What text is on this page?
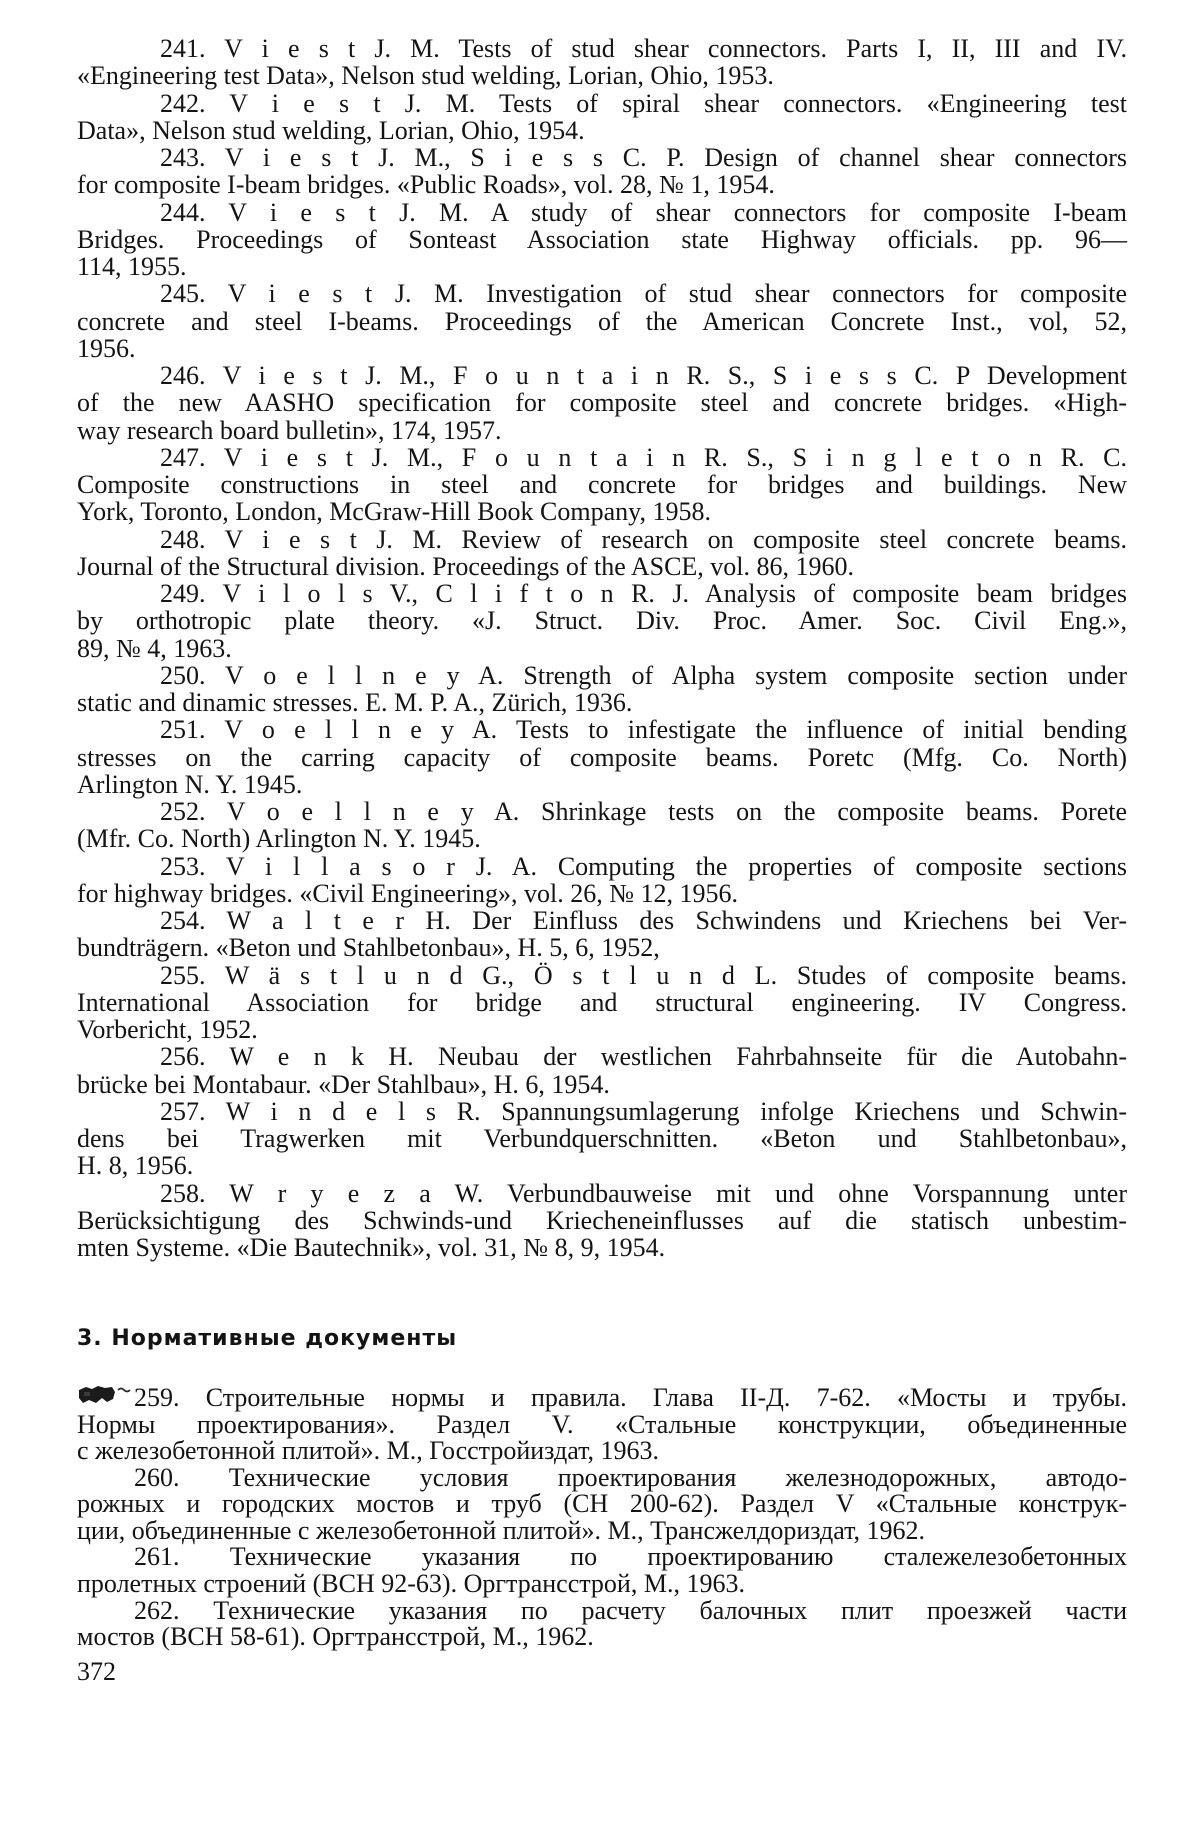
241. V i e s t J. M. Tests of stud shear connectors. Parts I, II, III and IV.
«Engineering test Data», Nelson stud welding, Lorian, Ohio, 1953.
242. V i e s t J. M. Tests of spiral shear connectors. «Engineering test
Data», Nelson stud welding, Lorian, Ohio, 1954.
243. V i e s t J. M., S i e s s C. P. Design of channel shear connectors
for composite I-beam bridges. «Public Roads», vol. 28, № 1, 1954.
244. V i e s t J. M. A study of shear connectors for composite I-beam
Bridges. Proceedings of Sonteast Association state Highway officials. pp. 96—
114, 1955.
245. V i e s t J. M. Investigation of stud shear connectors for composite
concrete and steel I-beams. Proceedings of the American Concrete Inst., vol, 52,
1956.
246. V i e s t J. M., F o u n t a i n R. S., S i e s s C. P Development
of the new AASHO specification for composite steel and concrete bridges. «High-
way research board bulletin», 174, 1957.
247. V i e s t J. M., F o u n t a i n R. S., S i n g l e t o n R. C.
Composite constructions in steel and concrete for bridges and buildings. New
York, Toronto, London, McGraw-Hill Book Company, 1958.
248. V i e s t J. M. Review of research on composite steel concrete beams.
Journal of the Structural division. Proceedings of the ASCE, vol. 86, 1960.
249. V i l o l s V., C l i f t o n R. J. Analysis of composite beam bridges
by orthotropic plate theory. «J. Struct. Div. Proc. Amer. Soc. Civil Eng.»,
89, № 4, 1963.
250. V o e l l n e y A. Strength of Alpha system composite section under
static and dinamic stresses. E. M. P. A., Zürich, 1936.
251. V o e l l n e y A. Tests to infestigate the influence of initial bending
stresses on the carring capacity of composite beams. Poretc (Mfg. Co. North)
Arlington N. Y. 1945.
252. V o e l l n e y A. Shrinkage tests on the composite beams. Porete
(Mfr. Co. North) Arlington N. Y. 1945.
253. V i l l a s o r J. A. Computing the properties of composite sections
for highway bridges. «Civil Engineering», vol. 26, № 12, 1956.
254. W a l t e r H. Der Einfluss des Schwindens und Kriechens bei Ver-
bundträgern. «Beton und Stahlbetonbau», H. 5, 6, 1952,
255. W ä s t l u n d G., Ö s t l u n d L. Studes of composite beams.
International Association for bridge and structural engineering. IV Congress.
Vorbericht, 1952.
256. W e n k H. Neubau der westlichen Fahrbahnseite für die Autobahn-
brücke bei Montabaur. «Der Stahlbau», H. 6, 1954.
257. W i n d e l s R. Spannungsumlagerung infolge Kriechens und Schwin-
dens bei Tragwerken mit Verbundquerschnitten. «Beton und Stahlbetonbau»,
H. 8, 1956.
258. W r y e z a W. Verbundbauweise mit und ohne Vorspannung unter
Berücksichtigung des Schwinds-und Kriecheneinflusses auf die statisch unbestim-
mten Systeme. «Die Bautechnik», vol. 31, № 8, 9, 1954.
3. Нормативные документы
259. Строительные нормы и правила. Глава II-Д. 7-62. «Мосты и трубы.
Нормы проектирования». Раздел V. «Стальные конструкции, объединенные
с железобетонной плитой». М., Госстройиздат, 1963.
260. Технические условия проектирования железнодорожных, автодо-
рожных и городских мостов и труб (СН 200-62). Раздел V «Стальные конструк-
ции, объединенные с железобетонной плитой». М., Трансжелдориздат, 1962.
261. Технические указания по проектированию сталежелезобетонных
пролетных строений (ВСН 92-63). Оргтрансстрой, М., 1963.
262. Технические указания по расчету балочных плит проезжей части
мостов (ВСН 58-61). Оргтрансстрой, М., 1962.
372
